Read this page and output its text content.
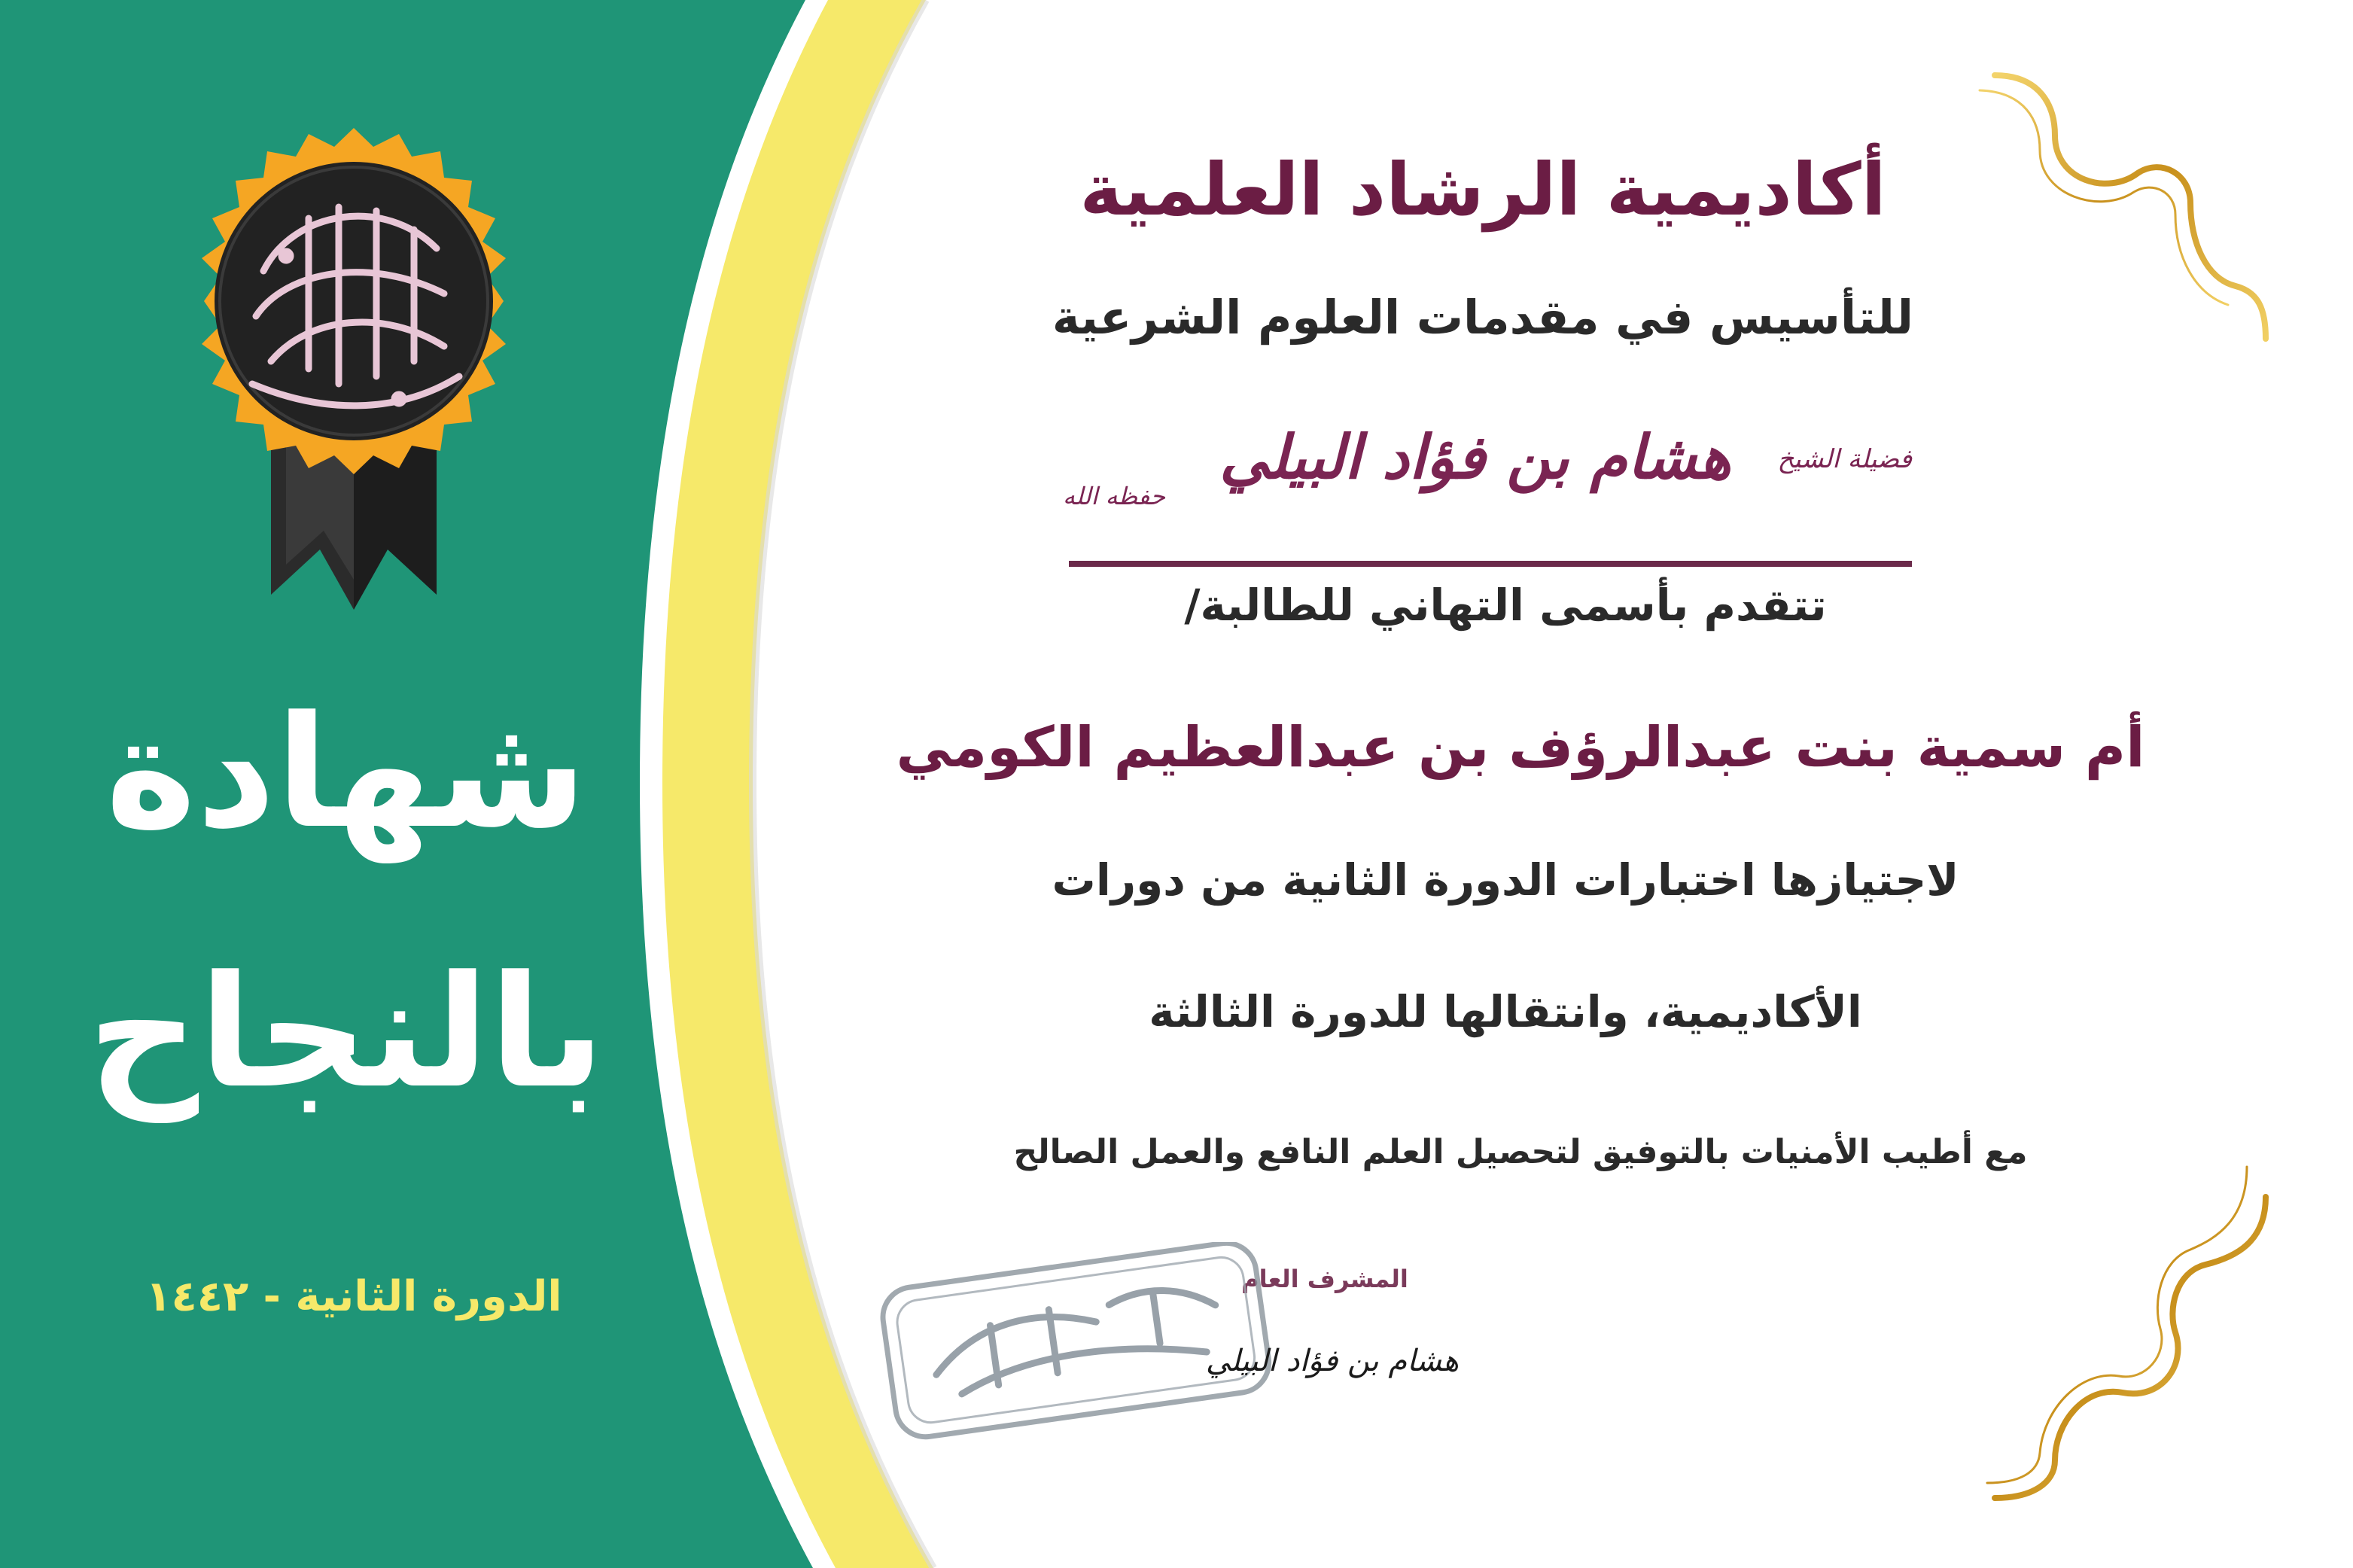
شهادة
بالنجاح
الدورة الثانية - ١٤٤٢
أكاديمية الرشاد العلمية
للتأسيس في مقدمات العلوم الشرعية
فضيلة الشيخ
هشام بن فؤاد البيلي
حفظه الله
تتقدم بأسمى التهاني للطالبة/
أم سمية بنت عبدالرؤف بن عبدالعظيم الكومي
لاجتيازها اختبارات الدورة الثانية من دورات
الأكاديمية، وانتقالها للدورة الثالثة
مع أطيب الأمنيات بالتوفيق لتحصيل العلم النافع والعمل الصالح
المشرف العام
هشام بن فؤاد البيلي
